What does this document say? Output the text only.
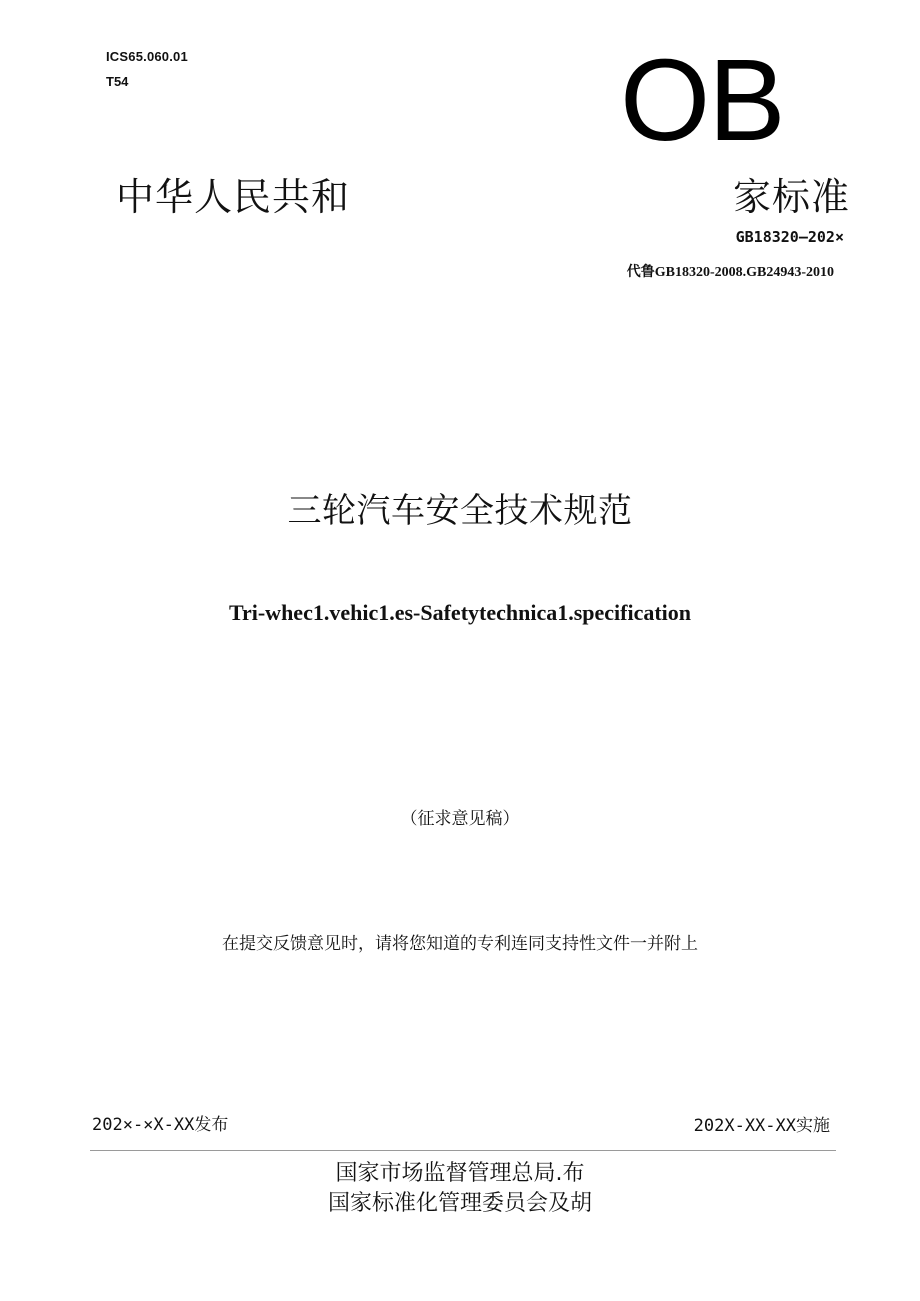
ICS65.060.01
T54	OB
中华人民共和	家标准
GB18320—202×
代鲁GB18320-2008.GB24943-2010
三轮汽车安全技术规范
Tri-whec1.vehic1.es-Safetytechnica1.specification
（征求意见稿）
在提交反馈意见时，请将您知道的专利连同支持性文件一并附上
202×-×X-XX发布	202X-XX-XX实施
国家市场监督管理总局.布
国家标准化管理委员会及胡
